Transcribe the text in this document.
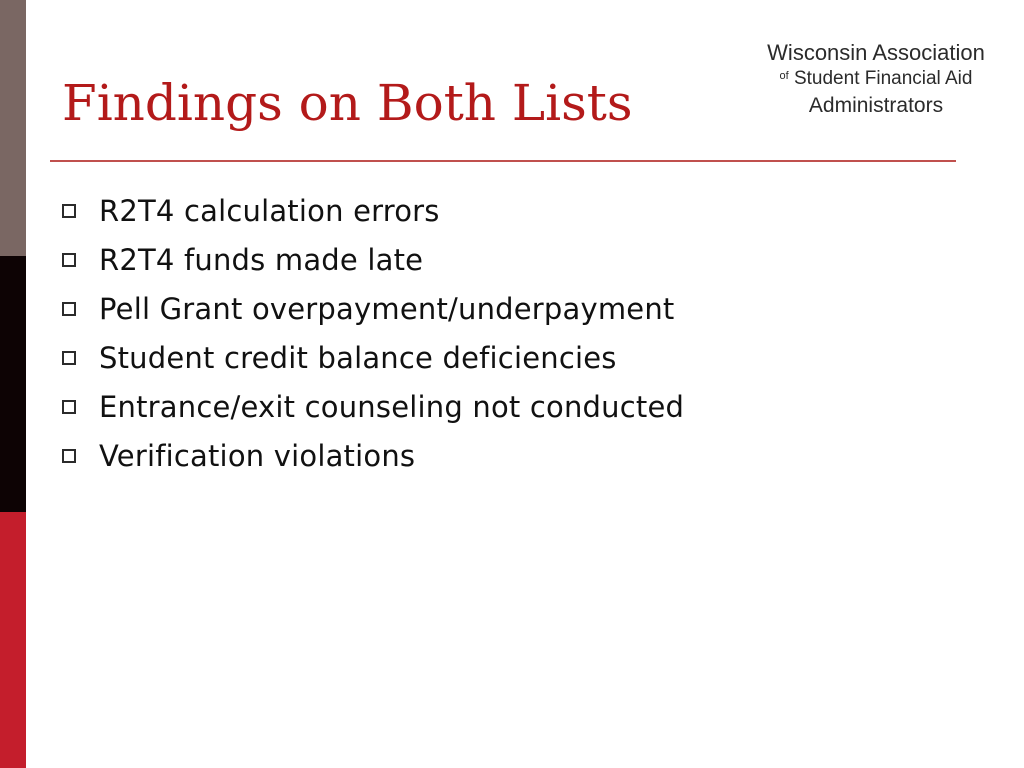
Findings on Both Lists
Wisconsin Association
$^{of}$ Student Financial Aid
Administrators
R2T4 calculation errors
R2T4 funds made late
Pell Grant overpayment/underpayment
Student credit balance deficiencies
Entrance/exit counseling not conducted
Verification violations
